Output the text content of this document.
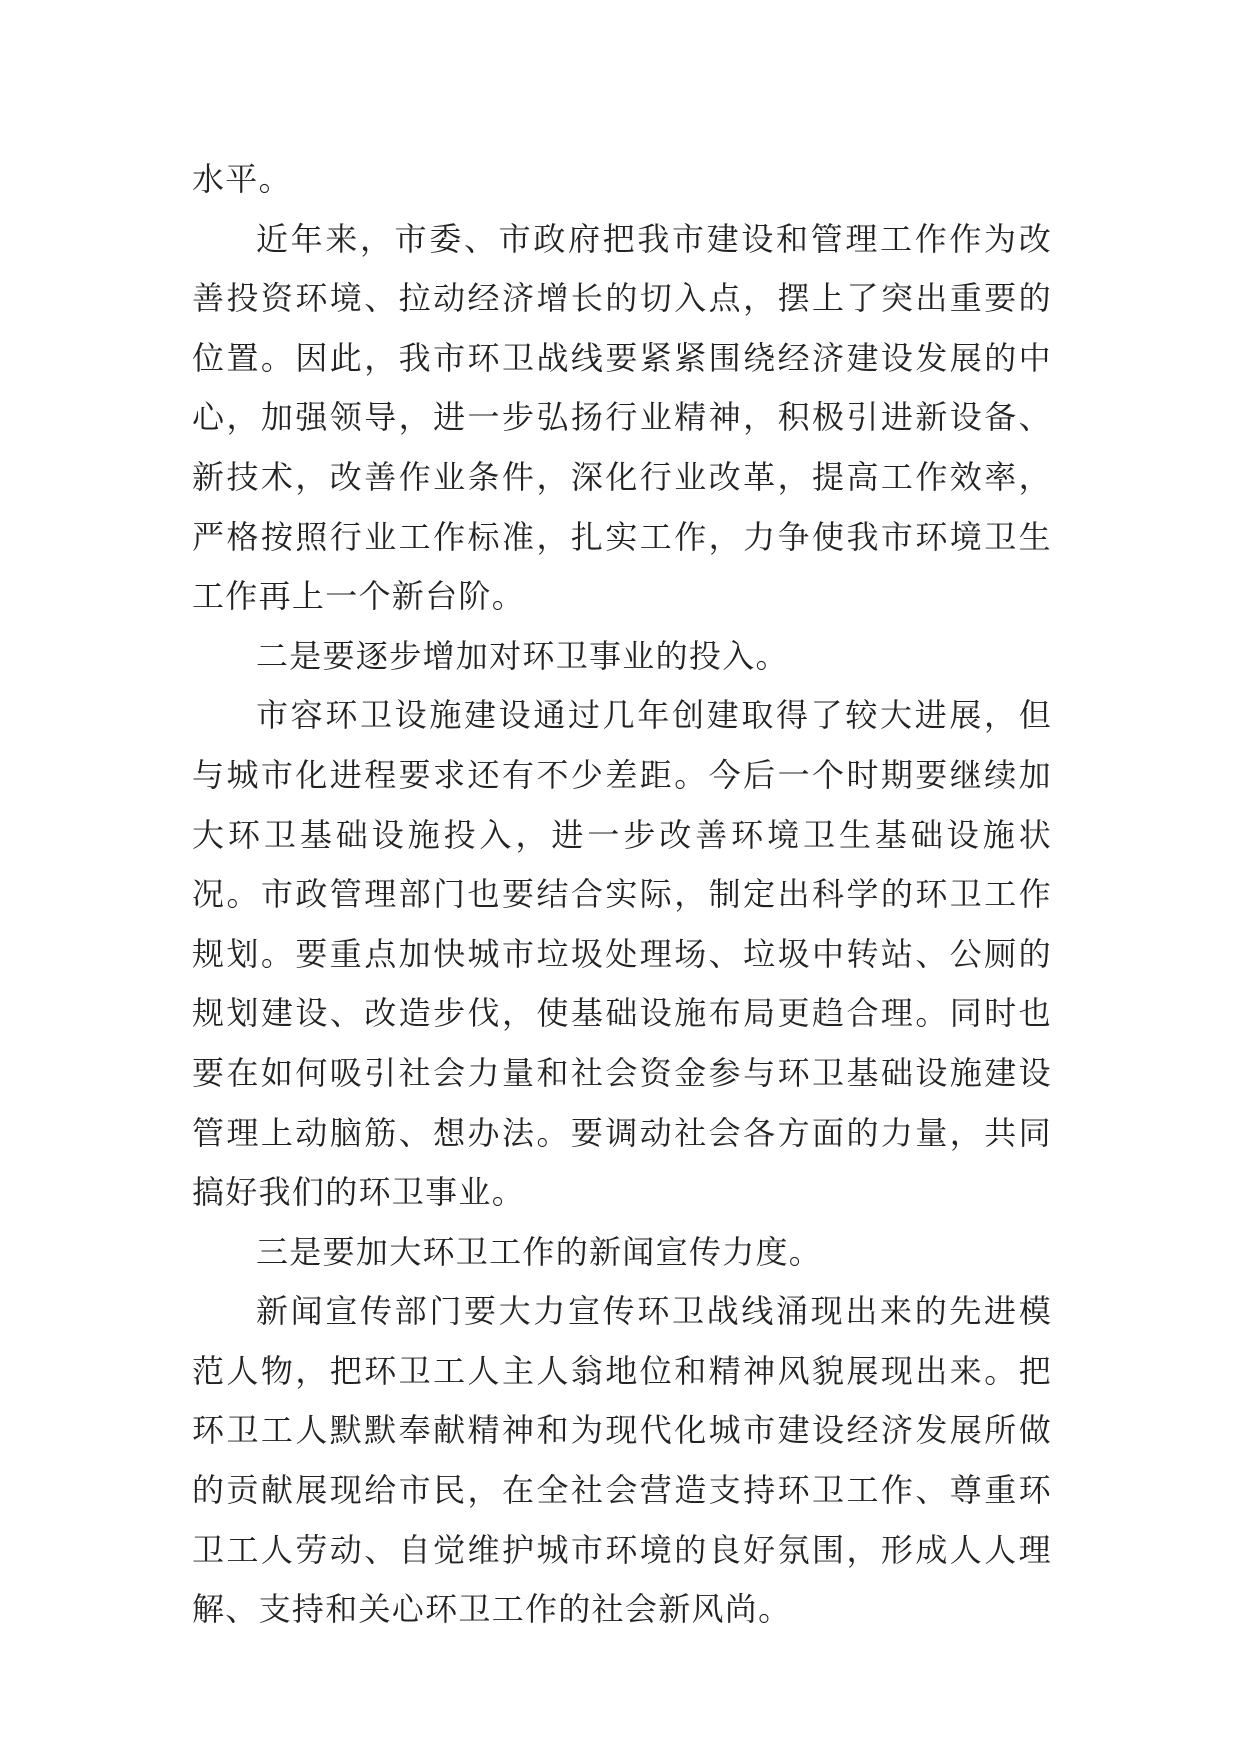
水平。

近年来，市委、市政府把我市建设和管理工作作为改善投资环境、拉动经济增长的切入点，摆上了突出重要的位置。因此，我市环卫战线要紧紧围绕经济建设发展的中心，加强领导，进一步弘扬行业精神，积极引进新设备、新技术，改善作业条件，深化行业改革，提高工作效率，严格按照行业工作标准，扎实工作，力争使我市环境卫生工作再上一个新台阶。

二是要逐步增加对环卫事业的投入。

市容环卫设施建设通过几年创建取得了较大进展，但与城市化进程要求还有不少差距。今后一个时期要继续加大环卫基础设施投入，进一步改善环境卫生基础设施状况。市政管理部门也要结合实际，制定出科学的环卫工作规划。要重点加快城市垃圾处理场、垃圾中转站、公厕的规划建设、改造步伐，使基础设施布局更趋合理。同时也要在如何吸引社会力量和社会资金参与环卫基础设施建设管理上动脑筋、想办法。要调动社会各方面的力量，共同搞好我们的环卫事业。

三是要加大环卫工作的新闻宣传力度。

新闻宣传部门要大力宣传环卫战线涌现出来的先进模范人物，把环卫工人主人翁地位和精神风貌展现出来。把环卫工人默默奉献精神和为现代化城市建设经济发展所做的贡献展现给市民，在全社会营造支持环卫工作、尊重环卫工人劳动、自觉维护城市环境的良好氛围，形成人人理解、支持和关心环卫工作的社会新风尚。
